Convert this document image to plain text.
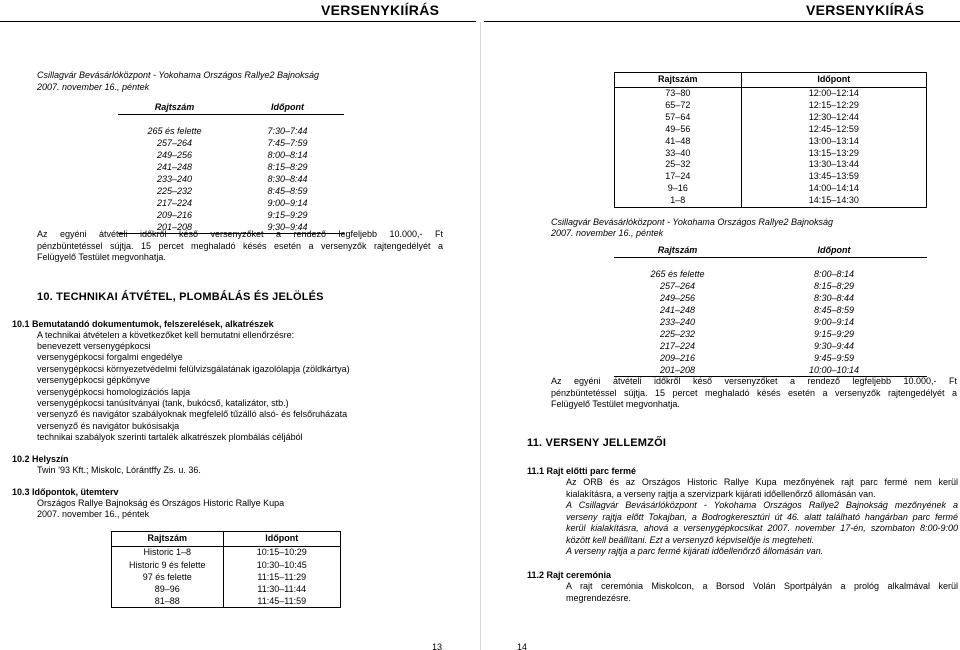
VERSENYKIÍRÁS	VERSENYKIÍRÁS
Csillagvár Bevásárlóközpont - Yokohama Országos Rallye2 Bajnokság
2007. november 16., péntek
Rajtszám	Időpont

265 és felette	7:30–7:44
257–264	7:45–7:59
249–256	8:00–8:14
241–248	8:15–8:29
233–240	8:30–8:44
225–232	8:45–8:59
217–224	9:00–9:14
209–216	9:15–9:29
201–208	9:30–9:44
Az egyéni átvételi időkről késő versenyzőket a rendező legfeljebb 10.000,- Ft
pénzbüntetéssel sújtja. 15 percet meghaladó késés esetén a versenyzők rajtengedélyét a
Felügyelő Testület megvonhatja.
10. TECHNIKAI ÁTVÉTEL, PLOMBÁLÁS ÉS JELÖLÉS
10.1 Bemutatandó dokumentumok, felszerelések, alkatrészek
A technikai átvételen a következőket kell bemutatni ellenőrzésre:
benevezett versenygépkocsi
versenygépkocsi forgalmi engedélye
versenygépkocsi környezetvédelmi felülvizsgálatának igazolólapja (zöldkártya)
versenygépkocsi gépkönyve
versenygépkocsi homologizációs lapja
versenygépkocsi tanúsítványai (tank, bukócső, katalizátor, stb.)
versenyző és navigátor szabályoknak megfelelő tűzálló alsó- és felsőruházata
versenyző és navigátor bukósisakja
technikai szabályok szerinti tartalék alkatrészek plombálás céljából
10.2 Helyszín
Twin ’93 Kft.; Miskolc, Lórántffy Zs. u. 36.
10.3 Időpontok, ütemterv
Országos Rallye Bajnokság és Országos Historic Rallye Kupa
2007. november 16., péntek
Rajtszám	Időpont
Historic 1–8	10:15–10:29
Historic 9 és felette	10:30–10:45
97 és felette	11:15–11:29
89–96	11:30–11:44
81–88	11:45–11:59
13
Rajtszám	Időpont
73–80	12:00–12:14
65–72	12:15–12:29
57–64	12:30–12:44
49–56	12:45–12:59
41–48	13:00–13:14
33–40	13:15–13:29
25–32	13:30–13:44
17–24	13:45–13:59
9–16	14:00–14:14
1–8	14:15–14:30
Csillagvár Bevásárlóközpont - Yokohama Országos Rallye2 Bajnokság
2007. november 16., péntek
Rajtszám	Időpont

265 és felette	8:00–8:14
257–264	8:15–8:29
249–256	8:30–8:44
241–248	8:45–8:59
233–240	9:00–9:14
225–232	9:15–9:29
217–224	9:30–9:44
209–216	9:45–9:59
201–208	10:00–10:14
Az egyéni átvételi időkről késő versenyzőket a rendező legfeljebb 10.000,- Ft
pénzbüntetéssel sújtja. 15 percet meghaladó késés esetén a versenyzők rajtengedélyét a
Felügyelő Testület megvonhatja.
11. VERSENY JELLEMZŐI
11.1 Rajt előtti parc fermé
Az ORB és az Országos Historic Rallye Kupa mezőnyének rajt parc fermé nem kerül
kialakításra, a verseny rajtja a szervizpark kijárati időellenőrző állomásán van.
A Csillagvár Bevásárlóközpont - Yokohama Országos Rallye2 Bajnokság mezőnyének a
verseny rajtja előtt Tokajban, a Bodrogkeresztúri út 46. alatt található hangárban parc fermé
kerül kialakításra, ahová a versenygépkocsikat 2007. november 17-én, szombaton 8:00-9:00
között kell beállítani. Ezt a versenyző képviselője is megteheti.
A verseny rajtja a parc fermé kijárati időellenőrző állomásán van.
11.2 Rajt ceremónia
A rajt ceremónia Miskolcon, a Borsod Volán Sportpályán a prológ alkalmával kerül
megrendezésre.
14
